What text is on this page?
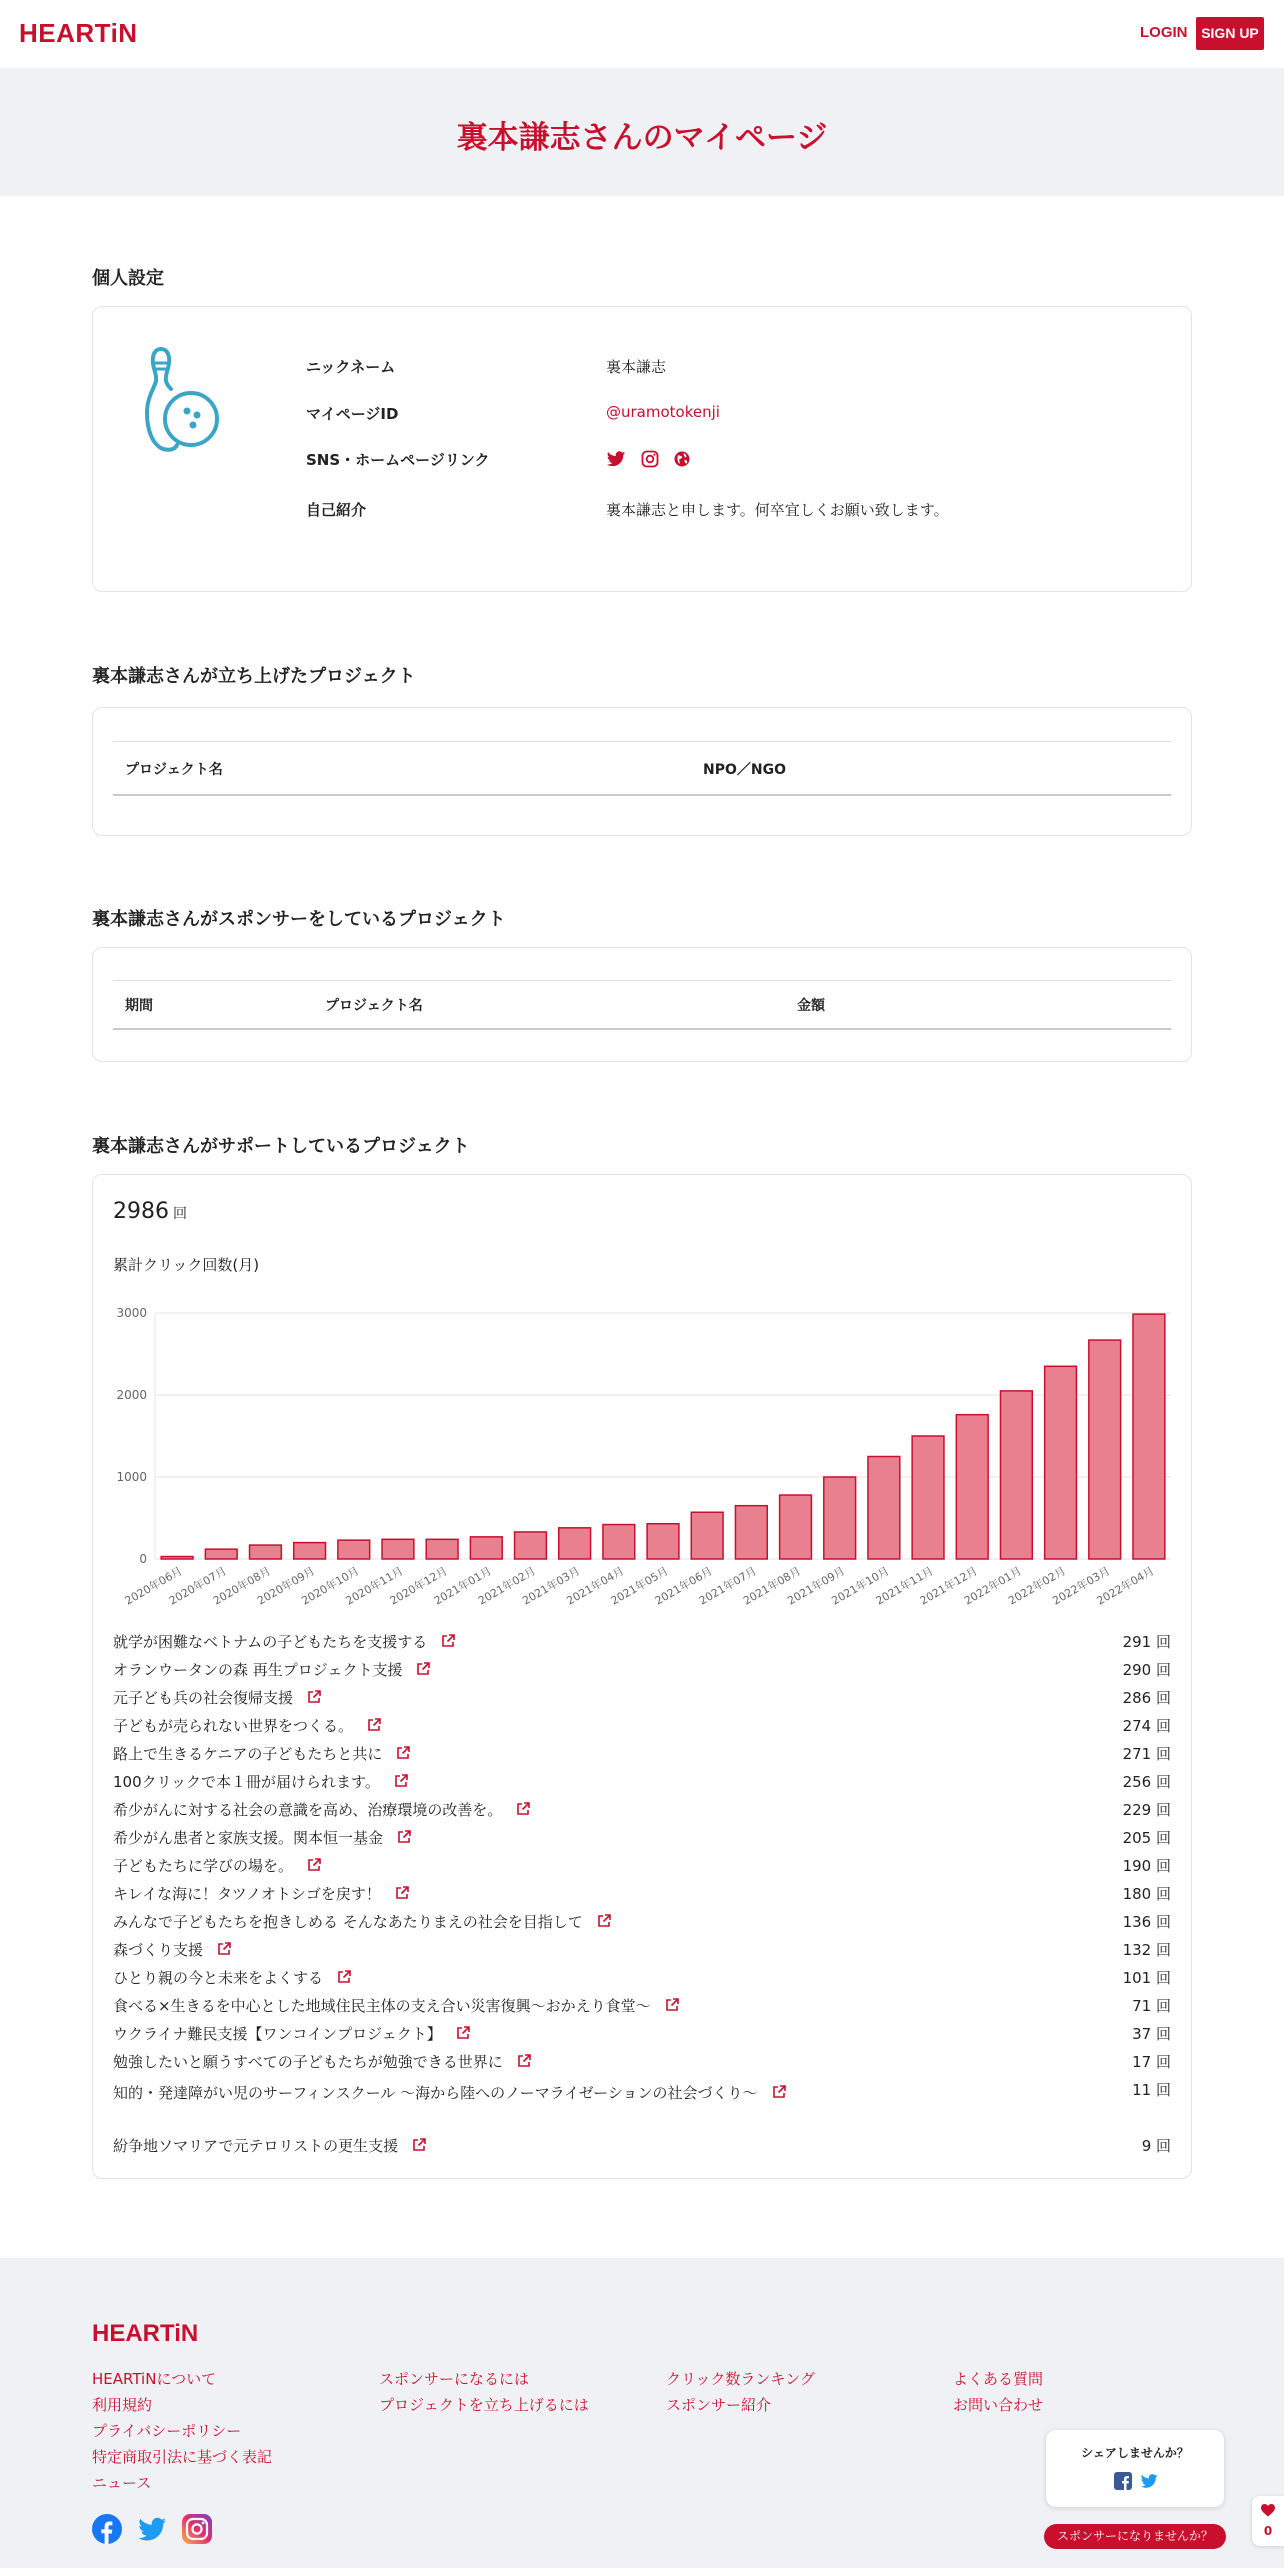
HEARTiN	LOGIN SIGN UP
裏本謙志さんのマイページ
個人設定
ニックネーム	裏本謙志
マイページID	@uramotokenji
SNS・ホームページリンク
自己紹介	裏本謙志と申します。何卒宜しくお願い致します。
裏本謙志さんが立ち上げたプロジェクト
プロジェクト名	NPO／NGO
裏本謙志さんがスポンサーをしているプロジェクト
期間	プロジェクト名	金額
裏本謙志さんがサポートしているプロジェクト
2986 回
累計クリック回数(月)
0
1000
2000
3000
2020年06月
2020年07月
2020年08月
2020年09月
2020年10月
2020年11月
2020年12月
2021年01月
2021年02月
2021年03月
2021年04月
2021年05月
2021年06月
2021年07月
2021年08月
2021年09月
2021年10月
2021年11月
2021年12月
2022年01月
2022年02月
2022年03月
2022年04月
就学が困難なベトナムの子どもたちを支援する	291 回
オランウータンの森 再生プロジェクト支援	290 回
元子ども兵の社会復帰支援	286 回
子どもが売られない世界をつくる。	274 回
路上で生きるケニアの子どもたちと共に	271 回
100クリックで本１冊が届けられます。	256 回
希少がんに対する社会の意識を高め、治療環境の改善を。	229 回
希少がん患者と家族支援。関本恒一基金	205 回
子どもたちに学びの場を。	190 回
キレイな海に！タツノオトシゴを戻す！	180 回
みんなで子どもたちを抱きしめる そんなあたりまえの社会を目指して	136 回
森づくり支援	132 回
ひとり親の今と未来をよくする	101 回
食べる×生きるを中心とした地域住民主体の支え合い災害復興～おかえり食堂～	71 回
ウクライナ難民支援【ワンコインプロジェクト】	37 回
勉強したいと願うすべての子どもたちが勉強できる世界に	17 回
知的・発達障がい児のサーフィンスクール ～海から陸へのノーマライゼーションの社会づくり～	11 回
紛争地ソマリアで元テロリストの更生支援	9 回
HEARTiN
HEARTiNについて
利用規約
プライバシーポリシー
特定商取引法に基づく表記
ニュース
スポンサーになるには
プロジェクトを立ち上げるには
クリック数ランキング
スポンサー紹介
よくある質問
お問い合わせ
シェアしませんか？
スポンサーになりませんか？	0
